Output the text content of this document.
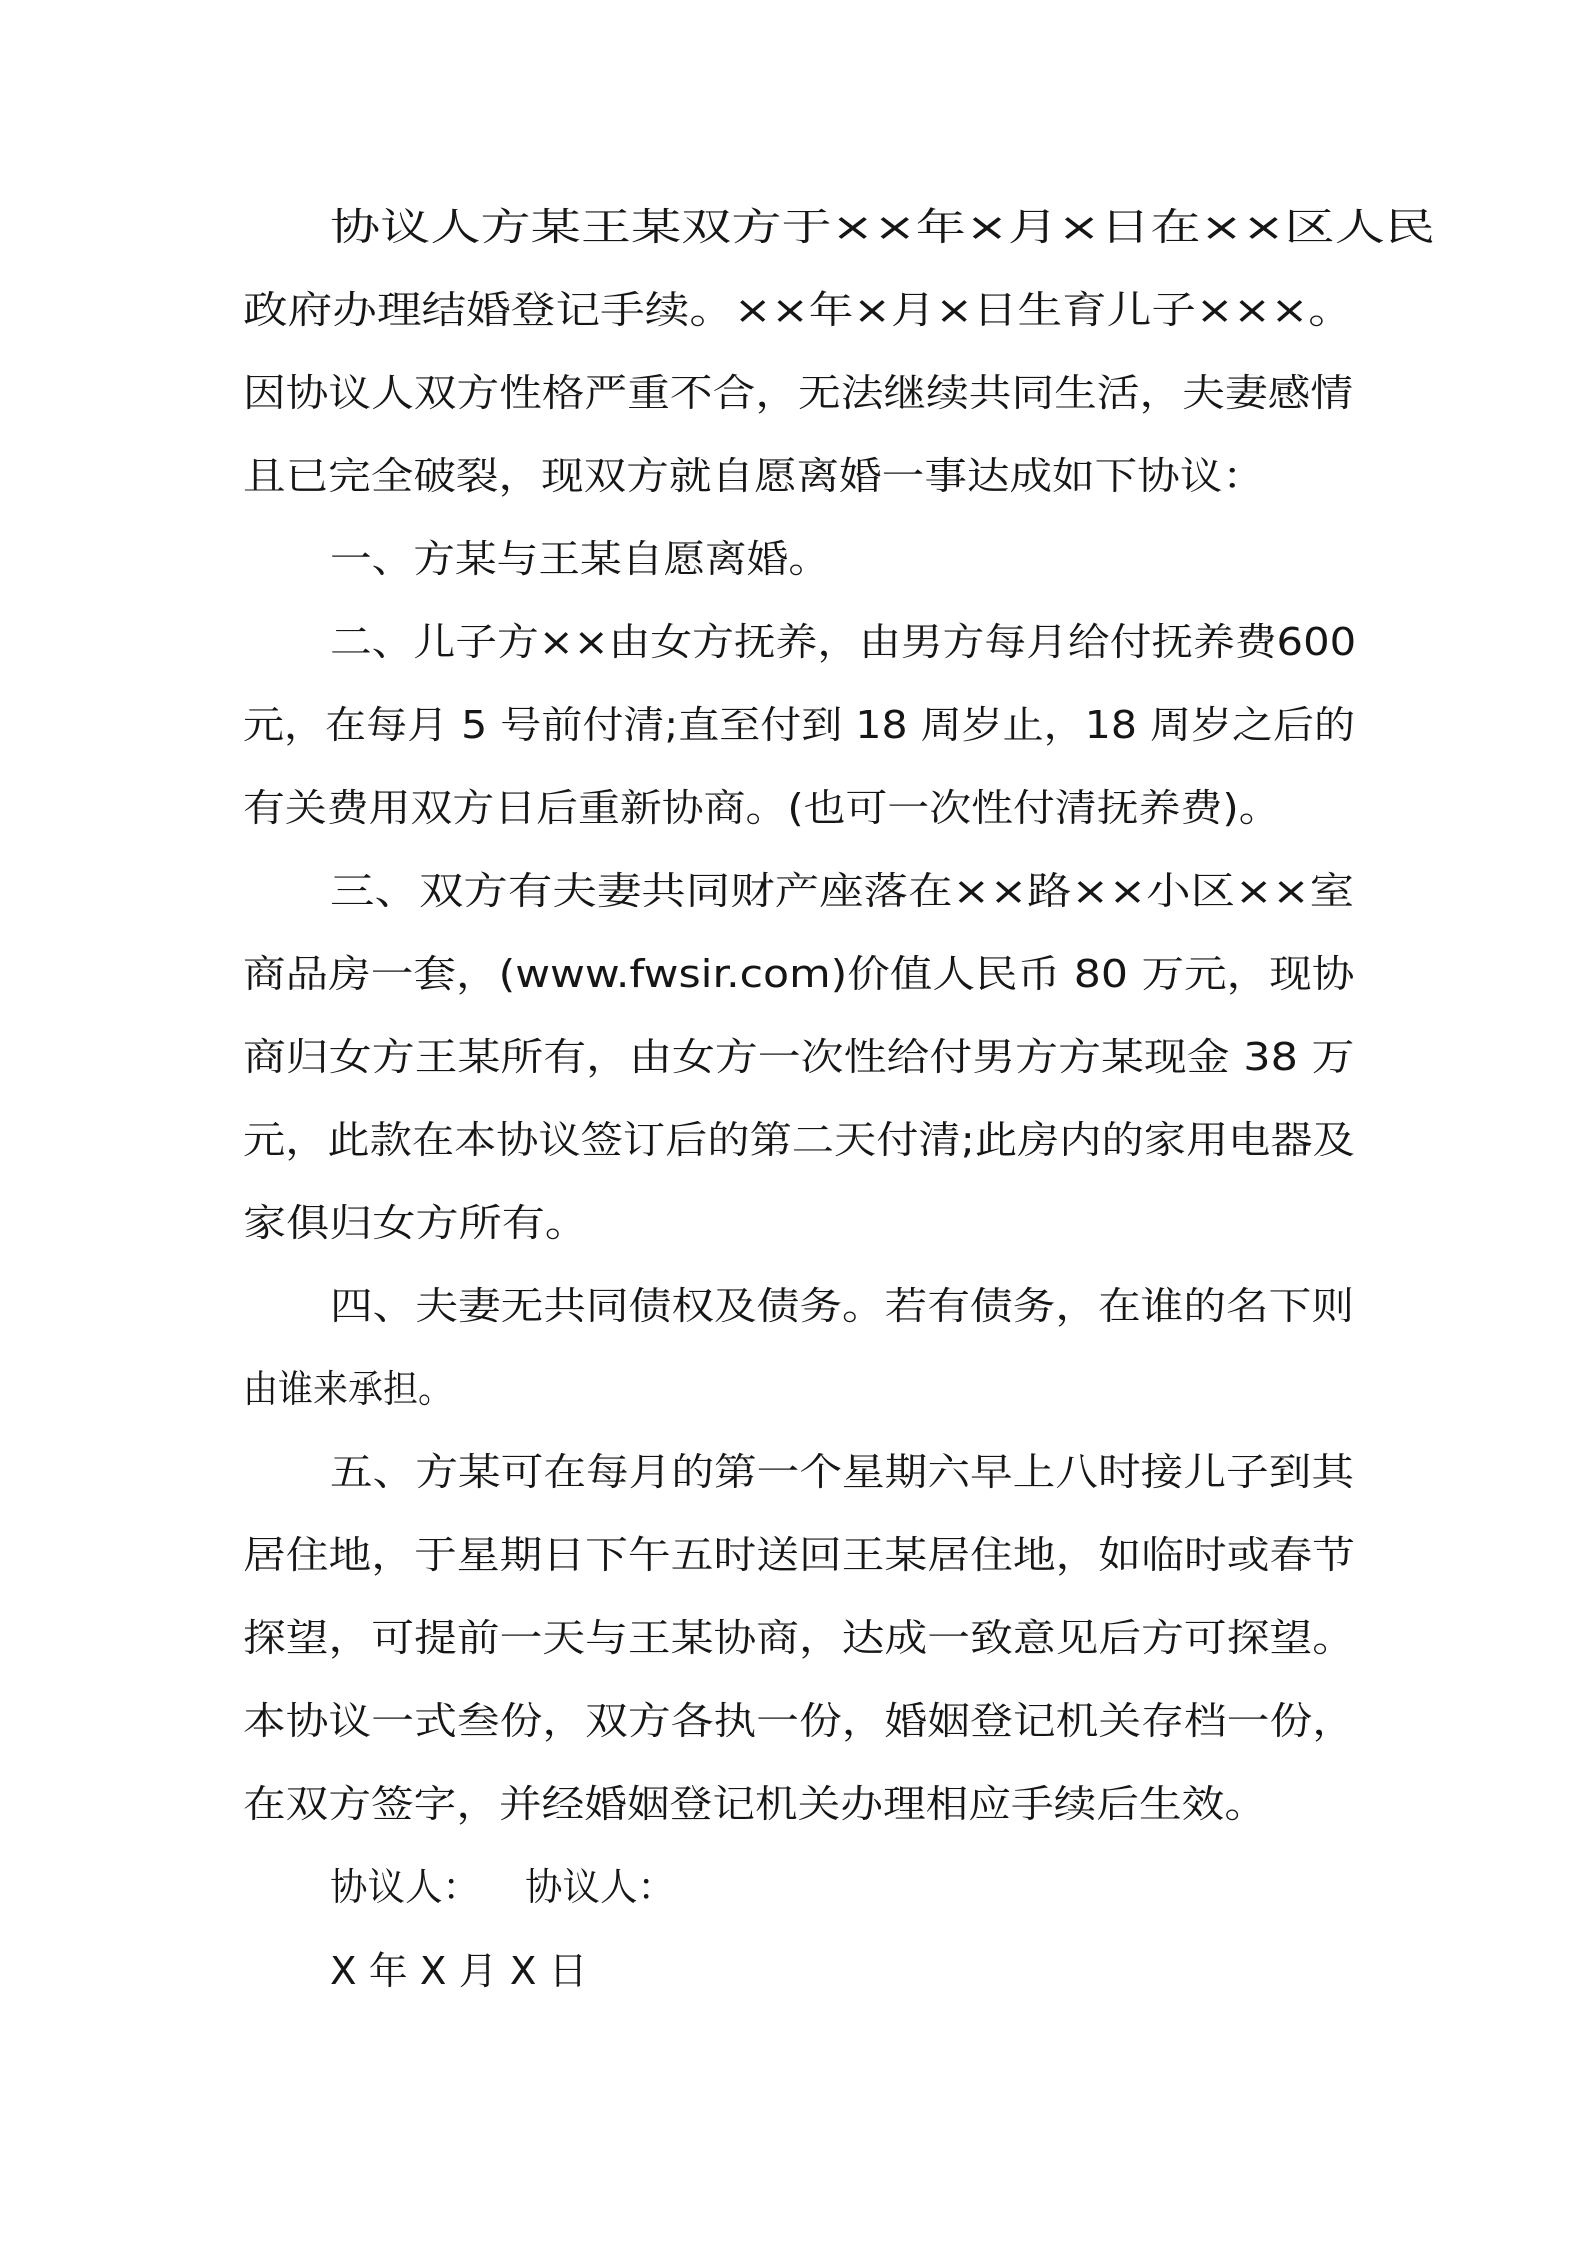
协议人方某王某双方于××年×月×日在××区人民

政府办理结婚登记手续。××年×月×日生育儿子×××。

因协议人双方性格严重不合，无法继续共同生活，夫妻感情

且已完全破裂，现双方就自愿离婚一事达成如下协议：

一、方某与王某自愿离婚。

二、儿子方××由女方抚养，由男方每月给付抚养费600

元，在每月 5 号前付清;直至付到 18 周岁止，18 周岁之后的

有关费用双方日后重新协商。(也可一次性付清抚养费)。

三、双方有夫妻共同财产座落在××路××小区××室

商品房一套，(www.fwsir.com)价值人民币 80 万元，现协

商归女方王某所有，由女方一次性给付男方方某现金 38 万

元，此款在本协议签订后的第二天付清;此房内的家用电器及

家俱归女方所有。

四、夫妻无共同债权及债务。若有债务，在谁的名下则

由谁来承担。

五、方某可在每月的第一个星期六早上八时接儿子到其

居住地，于星期日下午五时送回王某居住地，如临时或春节

探望，可提前一天与王某协商，达成一致意见后方可探望。

本协议一式叁份，双方各执一份，婚姻登记机关存档一份，

在双方签字，并经婚姻登记机关办理相应手续后生效。

协议人： 协议人：
X 年 X 月 X 日
